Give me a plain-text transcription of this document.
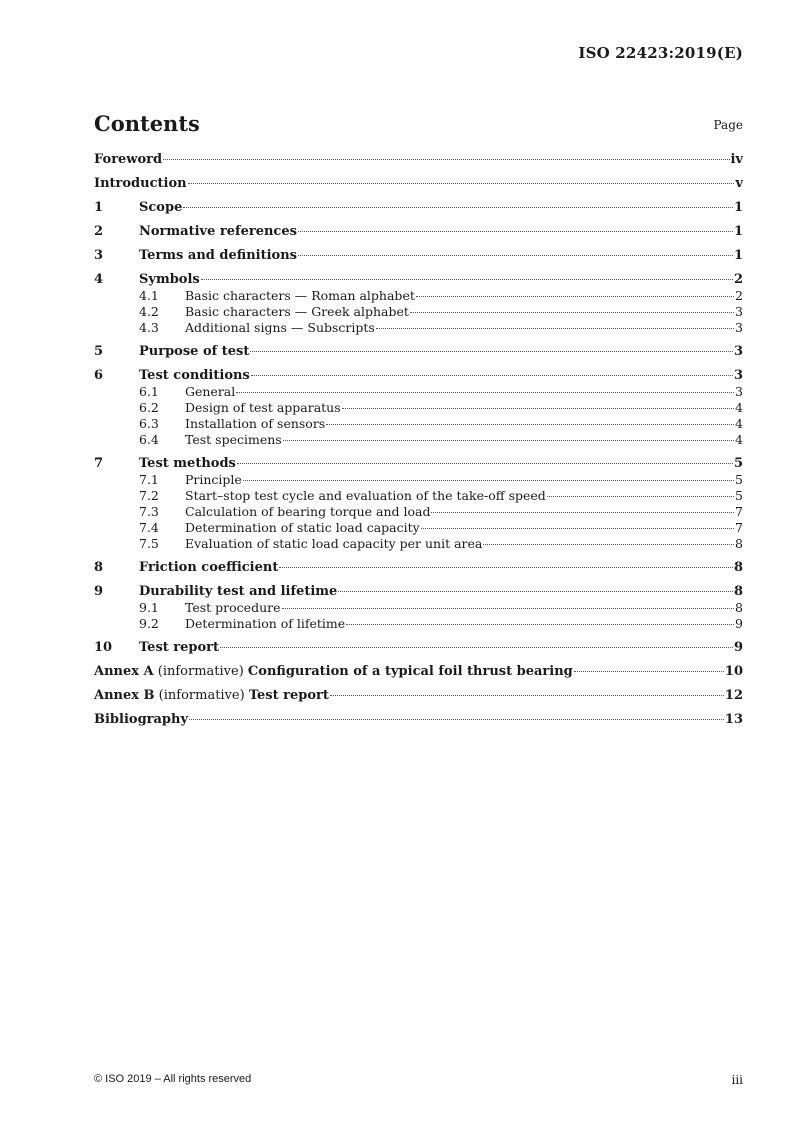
ISO 22423:2019(E)
Contents	Page
Foreword	iv
Introduction	v
1	Scope	1
2	Normative references	1
3	Terms and definitions	1
4	Symbols	2
4.1	Basic characters — Roman alphabet	2
4.2	Basic characters — Greek alphabet	3
4.3	Additional signs — Subscripts	3
5	Purpose of test	3
6	Test conditions	3
6.1	General	3
6.2	Design of test apparatus	4
6.3	Installation of sensors	4
6.4	Test specimens	4
7	Test methods	5
7.1	Principle	5
7.2	Start–stop test cycle and evaluation of the take-off speed	5
7.3	Calculation of bearing torque and load	7
7.4	Determination of static load capacity	7
7.5	Evaluation of static load capacity per unit area	8
8	Friction coefficient	8
9	Durability test and lifetime	8
9.1	Test procedure	8
9.2	Determination of lifetime	9
10	Test report	9
Annex A (informative) Configuration of a typical foil thrust bearing	10
Annex B (informative) Test report	12
Bibliography	13
© ISO 2019 – All rights reserved	iii
